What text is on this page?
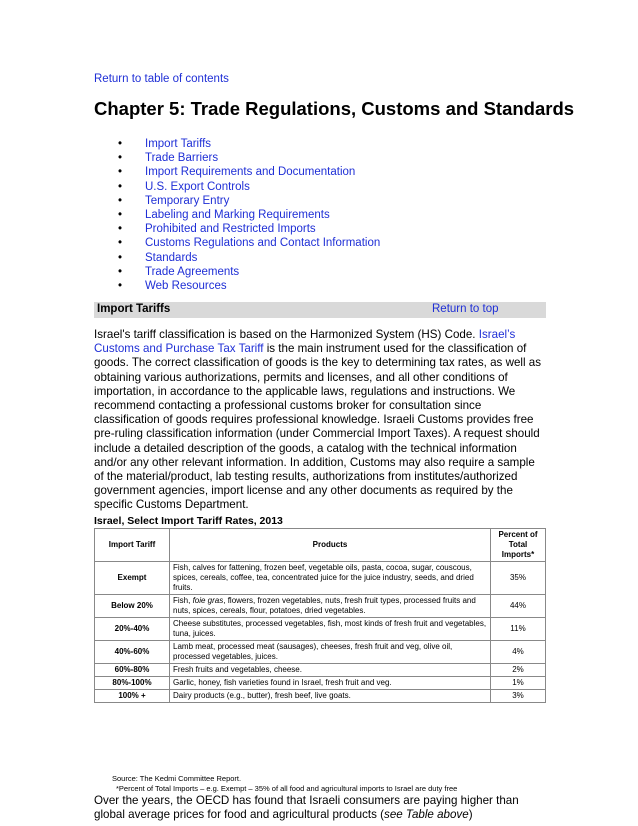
Return to table of contents
Chapter 5: Trade Regulations, Customs and Standards
• Import Tariffs
• Trade Barriers
• Import Requirements and Documentation
• U.S. Export Controls
• Temporary Entry
• Labeling and Marking Requirements
• Prohibited and Restricted Imports
• Customs Regulations and Contact Information
• Standards
• Trade Agreements
• Web Resources
Import Tariffs	Return to top

Israel's tariff classification is based on the Harmonized System (HS) Code. Israel’s Customs and Purchase Tax Tariff is the main instrument used for the classification of goods. The correct classification of goods is the key to determining tax rates, as well as obtaining various authorizations, permits and licenses, and all other conditions of importation, in accordance to the applicable laws, regulations and instructions. We recommend contacting a professional customs broker for consultation since classification of goods requires professional knowledge. Israeli Customs provides free pre-ruling classification information (under Commercial Import Taxes). A request should include a detailed description of the goods, a catalog with the technical information and/or any other relevant information. In addition, Customs may also require a sample of the material/product, lab testing results, authorizations from institutes/authorized government agencies, import license and any other documents as required by the specific Customs Department.

Israel, Select Import Tariff Rates, 2013
Import Tariff	Products	Percent of Total Imports*
Exempt	Fish, calves for fattening, frozen beef, vegetable oils, pasta, cocoa, sugar, couscous, spices, cereals, coffee, tea, concentrated juice for the juice industry, seeds, and dried fruits.	35%
Below 20%	Fish, foie gras, flowers, frozen vegetables, nuts, fresh fruit types, processed fruits and nuts, spices, cereals, flour, potatoes, dried vegetables.	44%
20%-40%	Cheese substitutes, processed vegetables, fish, most kinds of fresh fruit and vegetables, tuna, juices.	11%
40%-60%	Lamb meat, processed meat (sausages), cheeses, fresh fruit and veg, olive oil, processed vegetables, juices.	4%
60%-80%	Fresh fruits and vegetables, cheese.	2%
80%-100%	Garlic, honey, fish varieties found in Israel, fresh fruit and veg.	1%
100% +	Dairy products (e.g., butter), fresh beef, live goats.	3%
Source: The Kedmi Committee Report.
*Percent of Total Imports – e.g. Exempt – 35% of all food and agricultural imports to Israel are duty free

Over the years, the OECD has found that Israeli consumers are paying higher than global average prices for food and agricultural products (see Table above)
